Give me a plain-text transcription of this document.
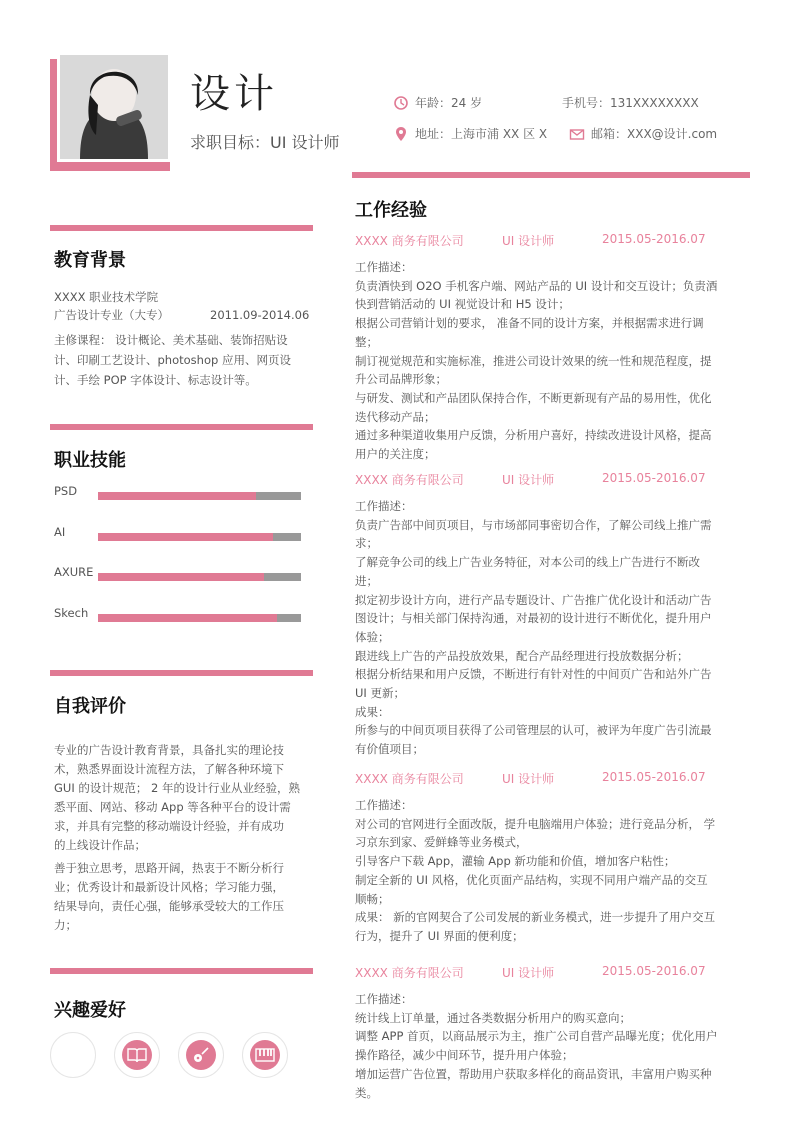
设计
求职目标：UI 设计师
年龄：24 岁	手机号：131XXXXXXXX
地址：上海市浦 XX 区 X	邮箱：XXX@设计.com
教育背景
XXXX 职业技术学院
广告设计专业（大专）	2011.09-2014.06
主修课程： 设计概论、美术基础、装饰招贴设
计、印刷工艺设计、photoshop 应用、网页设
计、手绘 POP 字体设计、标志设计等。
职业技能
PSD
AI
AXURE
Skech
自我评价
专业的广告设计教育背景，具备扎实的理论技
术，熟悉界面设计流程方法，了解各种环境下
GUI 的设计规范； 2 年的设计行业从业经验，熟
悉平面、网站、移动 App 等各种平台的设计需
求，并具有完整的移动端设计经验，并有成功
的上线设计作品；
善于独立思考，思路开阔，热衷于不断分析行
业；优秀设计和最新设计风格；学习能力强，
结果导向，责任心强，能够承受较大的工作压
力；
兴趣爱好
工作经验
XXXX 商务有限公司	UI 设计师	2015.05-2016.07
工作描述：
负责酒快到 O2O 手机客户端、网站产品的 UI 设计和交互设计；负责酒
快到营销活动的 UI 视觉设计和 H5 设计；
根据公司营销计划的要求， 准备不同的设计方案，并根据需求进行调
整；
制订视觉规范和实施标准，推进公司设计效果的统一性和规范程度，提
升公司品牌形象；
与研发、测试和产品团队保持合作，不断更新现有产品的易用性，优化
迭代移动产品；
通过多种渠道收集用户反馈，分析用户喜好，持续改进设计风格，提高
用户的关注度；
XXXX 商务有限公司	UI 设计师	2015.05-2016.07
工作描述：
负责广告部中间页项目，与市场部同事密切合作，了解公司线上推广需
求；
了解竞争公司的线上广告业务特征，对本公司的线上广告进行不断改
进；
拟定初步设计方向，进行产品专题设计、广告推广优化设计和活动广告
图设计；与相关部门保持沟通，对最初的设计进行不断优化，提升用户
体验；
跟进线上广告的产品投放效果，配合产品经理进行投放数据分析；
根据分析结果和用户反馈，不断进行有针对性的中间页广告和站外广告
UI 更新；
成果：
所参与的中间页项目获得了公司管理层的认可，被评为年度广告引流最
有价值项目；
XXXX 商务有限公司	UI 设计师	2015.05-2016.07
工作描述：
对公司的官网进行全面改版，提升电脑端用户体验；进行竞品分析， 学
习京东到家、爱鲜蜂等业务模式，
引导客户下载 App，灌输 App 新功能和价值，增加客户粘性；
制定全新的 UI 风格，优化页面产品结构，实现不同用户端产品的交互
顺畅；
成果： 新的官网契合了公司发展的新业务模式，进一步提升了用户交互
行为，提升了 UI 界面的便利度；
XXXX 商务有限公司	UI 设计师	2015.05-2016.07
工作描述：
统计线上订单量，通过各类数据分析用户的购买意向；
调整 APP 首页，以商品展示为主，推广公司自营产品曝光度；优化用户
操作路径，减少中间环节，提升用户体验；
增加运营广告位置，帮助用户获取多样化的商品资讯，丰富用户购买种
类。
